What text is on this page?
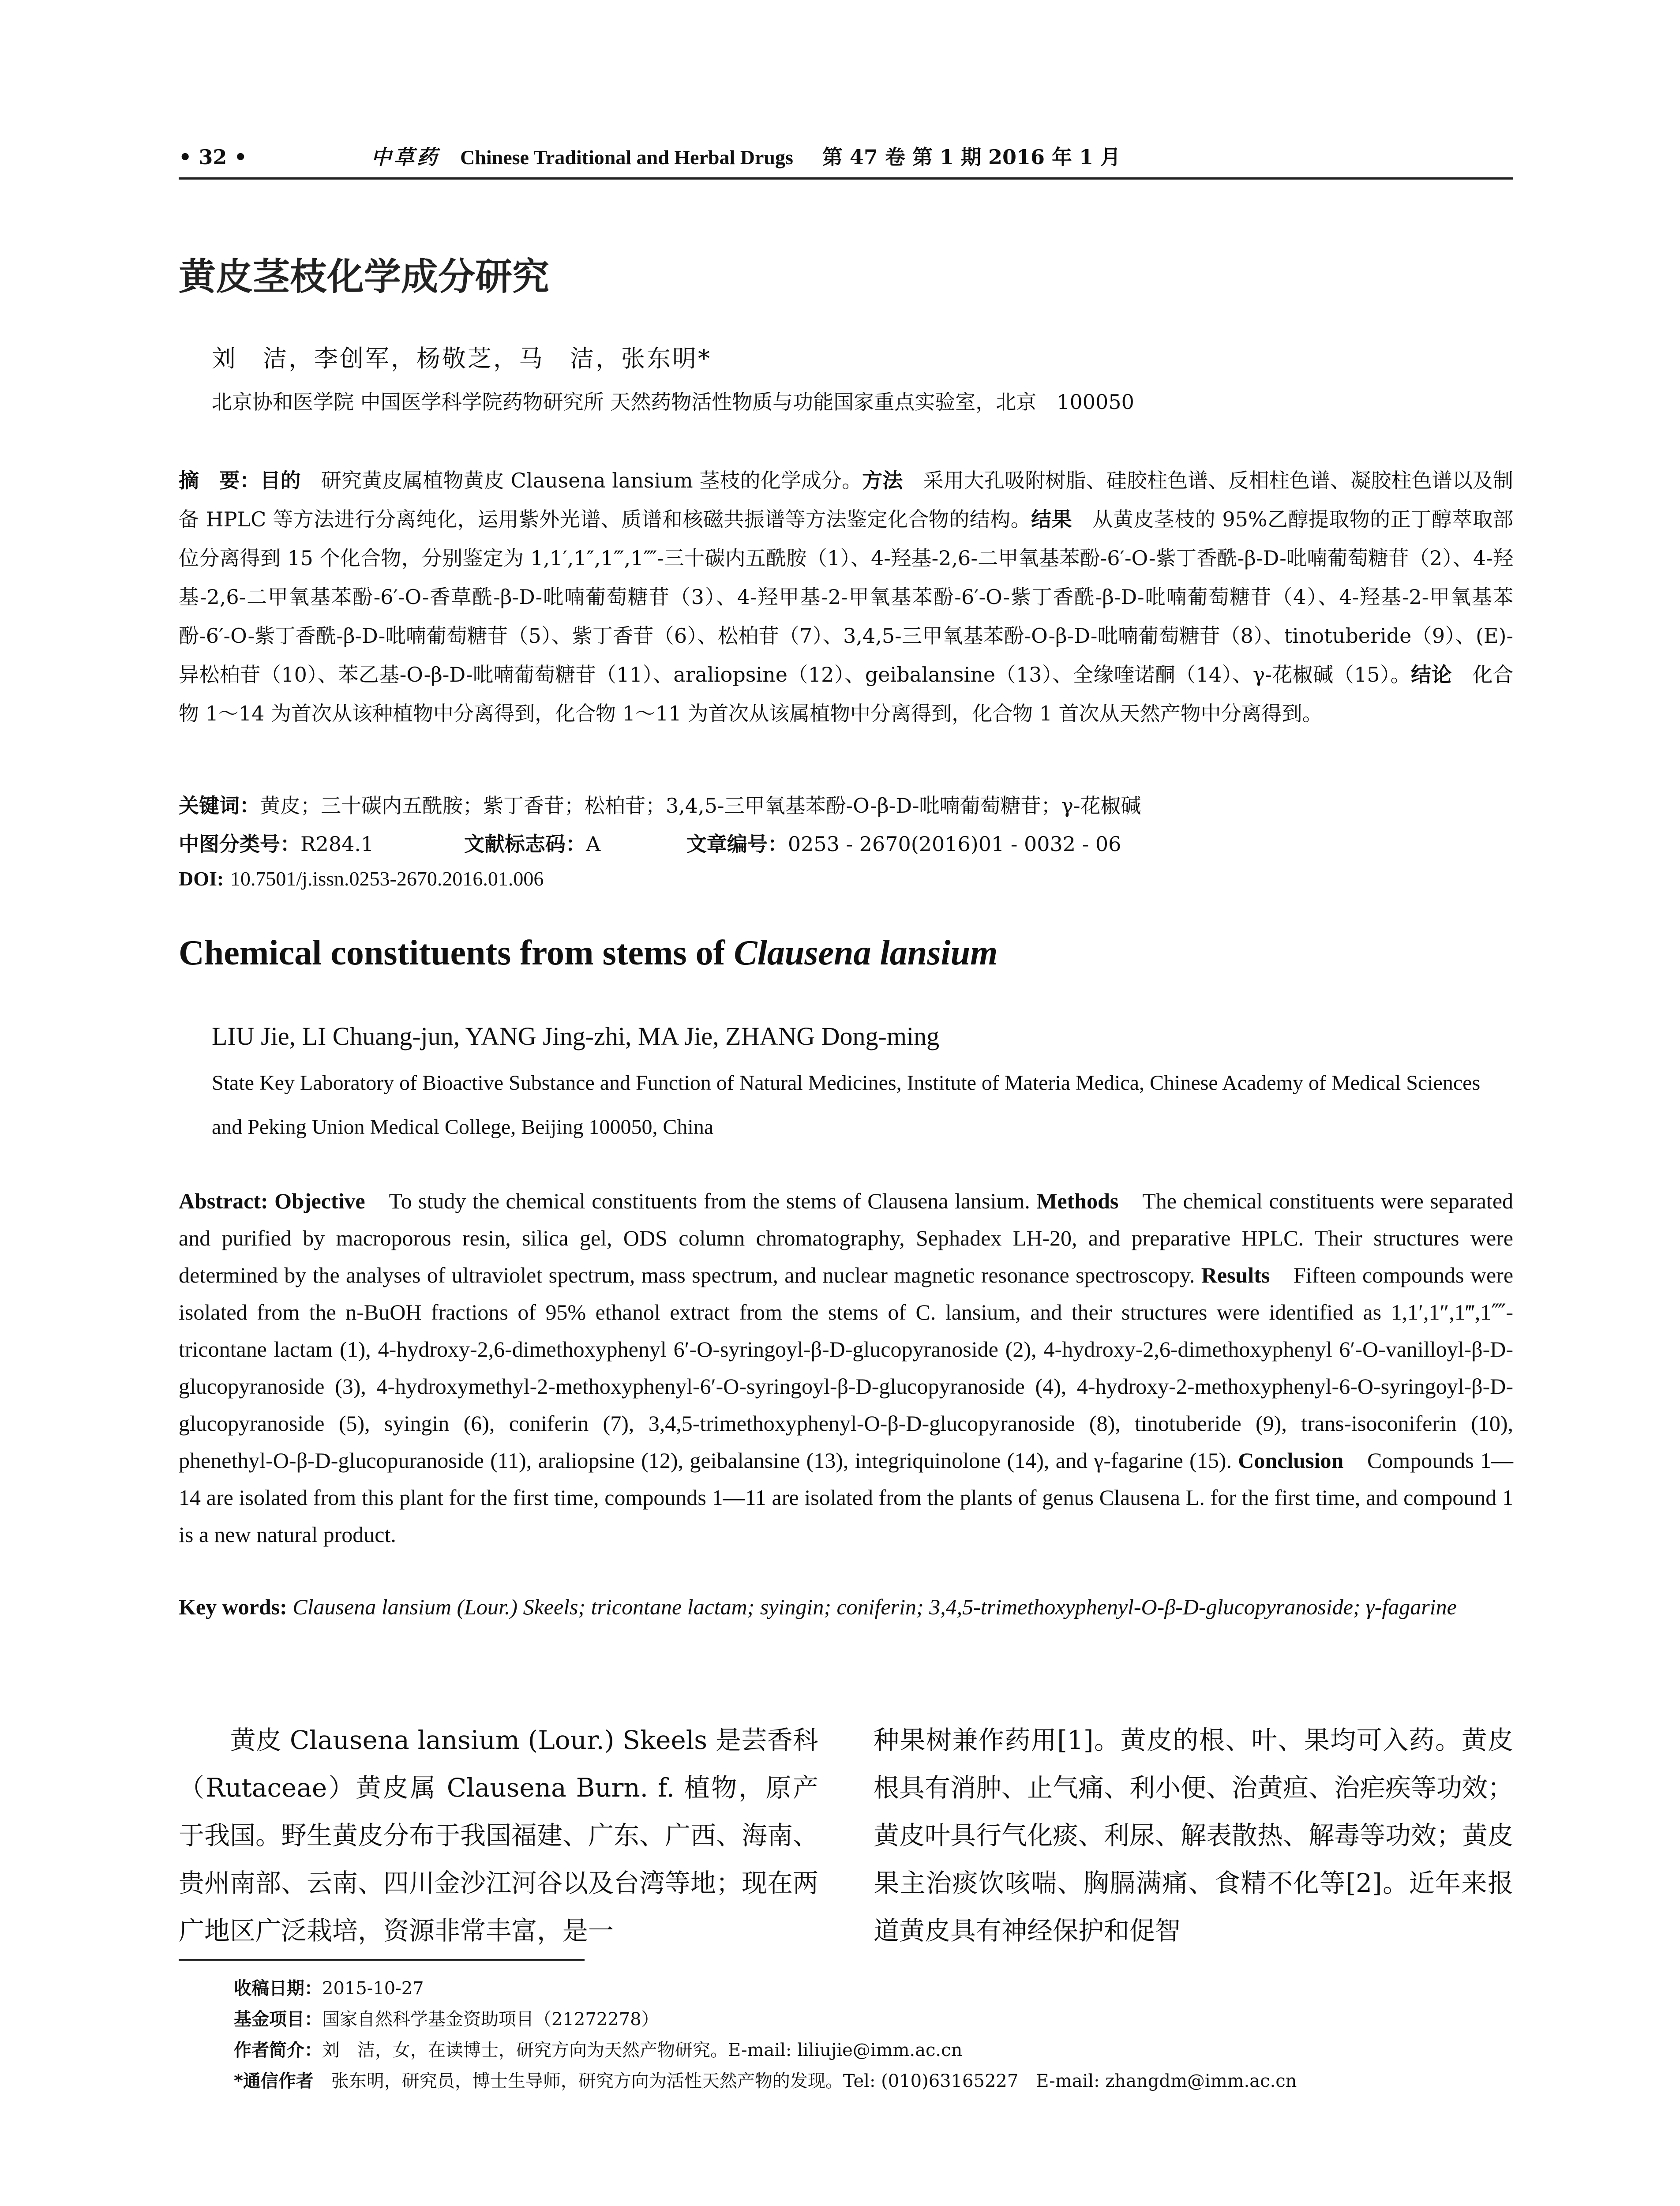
• 32 •	中草药 Chinese Traditional and Herbal Drugs 第 47 卷 第 1 期 2016 年 1 月
黄皮茎枝化学成分研究
刘　洁，李创军，杨敬芝，马　洁，张东明*
北京协和医学院 中国医学科学院药物研究所 天然药物活性物质与功能国家重点实验室，北京　100050
摘　要：目的　 研究黄皮属植物黄皮 Clausena lansium 茎枝的化学成分。方法　 采用大孔吸附树脂、硅胶柱色谱、反相柱色谱、凝胶柱色谱以及制备 HPLC 等方法进行分离纯化，运用紫外光谱、质谱和核磁共振谱等方法鉴定化合物的结构。结果　 从黄皮茎枝的 95%乙醇提取物的正丁醇萃取部位分离得到 15 个化合物，分别鉴定为 1,1′,1″,1‴,1⁗-三十碳内五酰胺（1）、4-羟基-2,6-二甲氧基苯酚-6′-O-紫丁香酰-β-D-吡喃葡萄糖苷（2）、4-羟基-2,6-二甲氧基苯酚-6′-O-香草酰-β-D-吡喃葡萄糖苷（3）、4-羟甲基-2-甲氧基苯酚-6′-O-紫丁香酰-β-D-吡喃葡萄糖苷（4）、4-羟基-2-甲氧基苯酚-6′-O-紫丁香酰-β-D-吡喃葡萄糖苷（5）、紫丁香苷（6）、松柏苷（7）、3,4,5-三甲氧基苯酚-O-β-D-吡喃葡萄糖苷（8）、tinotuberide（9）、(E)-异松柏苷（10）、苯乙基-O-β-D-吡喃葡萄糖苷（11）、araliopsine（12）、geibalansine（13）、全缘喹诺酮（14）、γ-花椒碱（15）。结论　 化合物 1～14 为首次从该种植物中分离得到，化合物 1～11 为首次从该属植物中分离得到，化合物 1 首次从天然产物中分离得到。
关键词：黄皮；三十碳内五酰胺；紫丁香苷；松柏苷；3,4,5-三甲氧基苯酚-O-β-D-吡喃葡萄糖苷；γ-花椒碱
中图分类号：R284.1	文献标志码：A	文章编号：0253 - 2670(2016)01 - 0032 - 06
DOI: 10.7501/j.issn.0253-2670.2016.01.006
Chemical constituents from stems of Clausena lansium
LIU Jie, LI Chuang-jun, YANG Jing-zhi, MA Jie, ZHANG Dong-ming
State Key Laboratory of Bioactive Substance and Function of Natural Medicines, Institute of Materia Medica, Chinese Academy of Medical Sciences and Peking Union Medical College, Beijing 100050, China
Abstract: Objective　 To study the chemical constituents from the stems of Clausena lansium. Methods　 The chemical constituents were separated and purified by macroporous resin, silica gel, ODS column chromatography, Sephadex LH-20, and preparative HPLC. Their structures were determined by the analyses of ultraviolet spectrum, mass spectrum, and nuclear magnetic resonance spectroscopy. Results　 Fifteen compounds were isolated from the n-BuOH fractions of 95% ethanol extract from the stems of C. lansium, and their structures were identified as 1,1′,1″,1‴,1⁗-tricontane lactam (1), 4-hydroxy-2,6-dimethoxyphenyl 6′-O-syringoyl-β-D-glucopyranoside (2), 4-hydroxy-2,6-dimethoxyphenyl 6′-O-vanilloyl-β-D-glucopyranoside (3), 4-hydroxymethyl-2-methoxyphenyl-6′-O-syringoyl-β-D-glucopyranoside (4), 4-hydroxy-2-methoxyphenyl-6-O-syringoyl-β-D-glucopyranoside (5), syingin (6), coniferin (7), 3,4,5-trimethoxyphenyl-O-β-D-glucopyranoside (8), tinotuberide (9), trans-isoconiferin (10), phenethyl-O-β-D-glucopuranoside (11), araliopsine (12), geibalansine (13), integriquinolone (14), and γ-fagarine (15). Conclusion　 Compounds 1—14 are isolated from this plant for the first time, compounds 1—11 are isolated from the plants of genus Clausena L. for the first time, and compound 1 is a new natural product.
Key words: Clausena lansium (Lour.) Skeels; tricontane lactam; syingin; coniferin; 3,4,5-trimethoxyphenyl-O-β-D-glucopyranoside; γ-fagarine
黄皮 Clausena lansium (Lour.) Skeels 是芸香科（Rutaceae）黄皮属 Clausena Burn. f. 植物，原产于我国。野生黄皮分布于我国福建、广东、广西、海南、贵州南部、云南、四川金沙江河谷以及台湾等地；现在两广地区广泛栽培，资源非常丰富，是一
种果树兼作药用[1]。黄皮的根、叶、果均可入药。黄皮根具有消肿、止气痛、利小便、治黄疸、治疟疾等功效；黄皮叶具行气化痰、利尿、解表散热、解毒等功效；黄皮果主治痰饮咳喘、胸膈满痛、食精不化等[2]。近年来报道黄皮具有神经保护和促智
收稿日期：2015-10-27
基金项目：国家自然科学基金资助项目（21272278）
作者简介：刘　洁，女，在读博士，研究方向为天然产物研究。E-mail: liliujie@imm.ac.cn
*通信作者　 张东明，研究员，博士生导师，研究方向为活性天然产物的发现。Tel: (010)63165227　E-mail: zhangdm@imm.ac.cn
